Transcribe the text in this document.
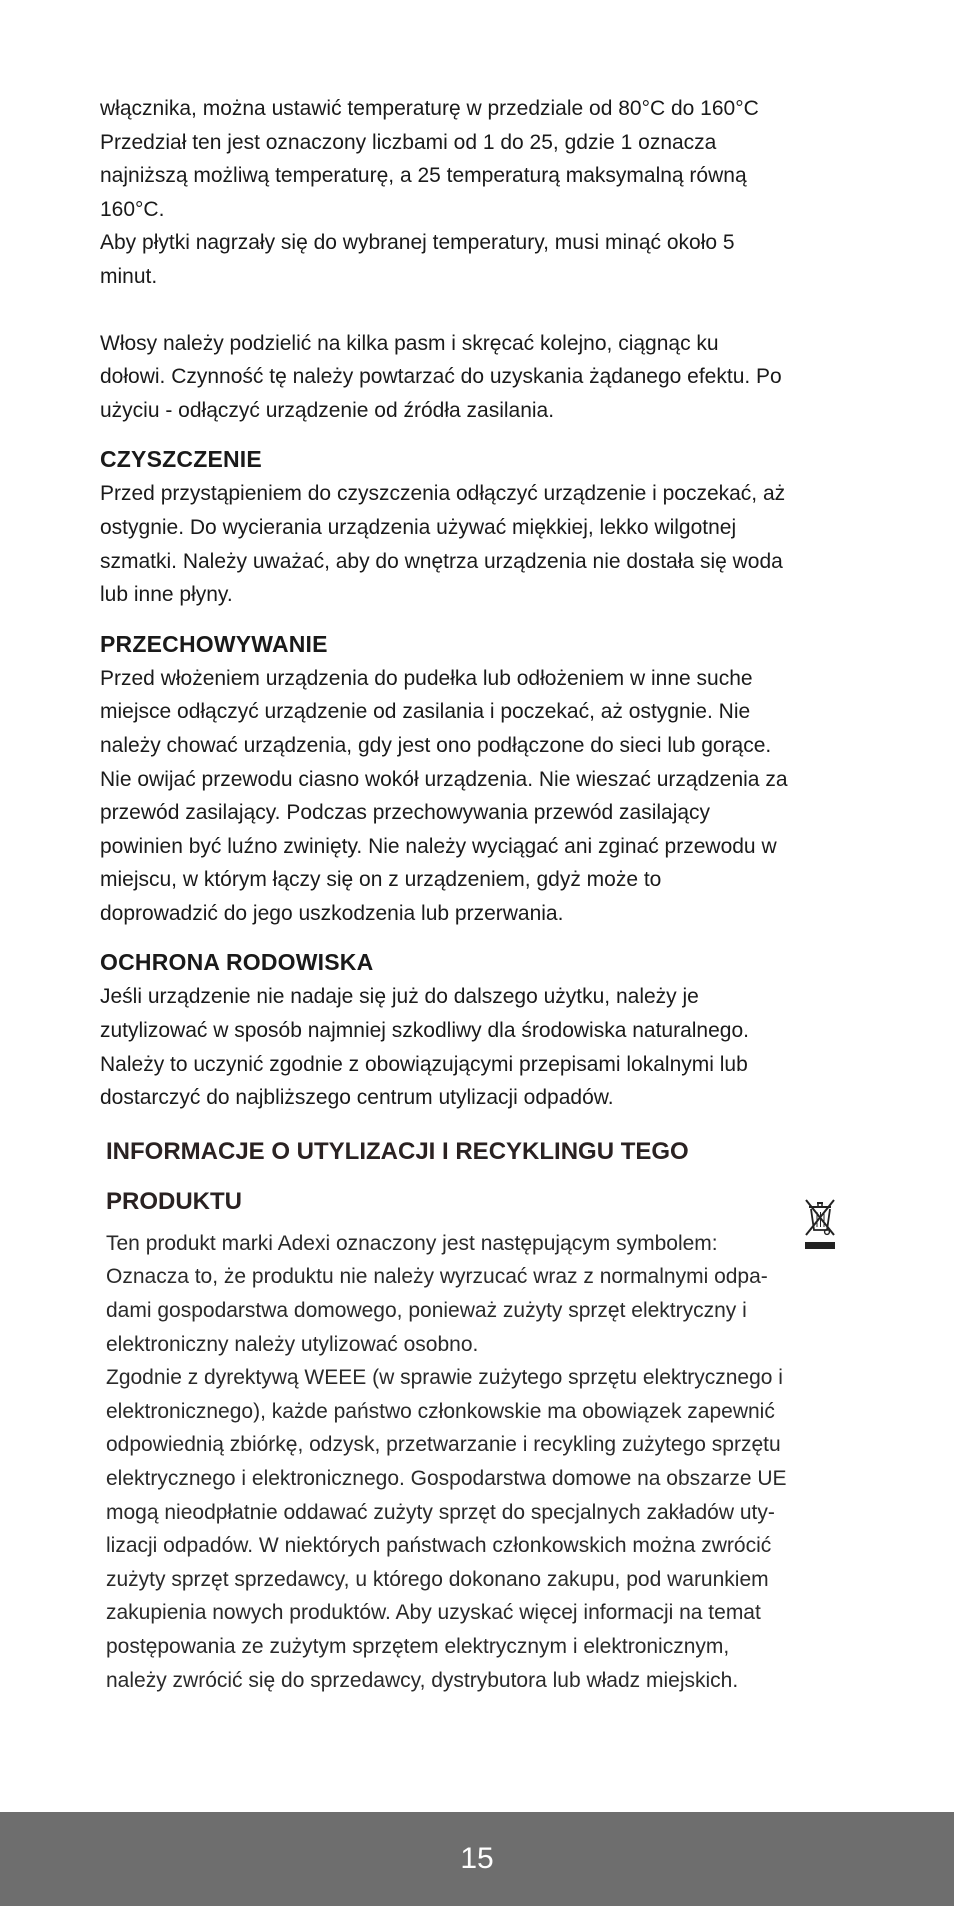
włącznika, można ustawić temperaturę w przedziale od 80°C do 160°C
Przedział ten jest oznaczony liczbami od 1 do 25, gdzie 1 oznacza
najniższą możliwą temperaturę, a 25 temperaturą maksymalną równą
160°C.
Aby płytki nagrzały się do wybranej temperatury, musi minąć około 5
minut.
Włosy należy podzielić na kilka pasm i skręcać kolejno, ciągnąc ku
dołowi. Czynność tę należy powtarzać do uzyskania żądanego efektu. Po
użyciu - odłączyć urządzenie od źródła zasilania.
CZYSZCZENIE
Przed przystąpieniem do czyszczenia odłączyć urządzenie i poczekać, aż
ostygnie. Do wycierania urządzenia używać miękkiej, lekko wilgotnej
szmatki. Należy uważać, aby do wnętrza urządzenia nie dostała się woda
lub inne płyny.
PRZECHOWYWANIE
Przed włożeniem urządzenia do pudełka lub odłożeniem w inne suche
miejsce odłączyć urządzenie od zasilania i poczekać, aż ostygnie. Nie
należy chować urządzenia, gdy jest ono podłączone do sieci lub gorące.
Nie owijać przewodu ciasno wokół urządzenia. Nie wieszać urządzenia za
przewód zasilający. Podczas przechowywania przewód zasilający
powinien być luźno zwinięty. Nie należy wyciągać ani zginać przewodu w
miejscu, w którym łączy się on z urządzeniem, gdyż może to
doprowadzić do jego uszkodzenia lub przerwania.
OCHRONA RODOWISKA
Jeśli urządzenie nie nadaje się już do dalszego użytku, należy je
zutylizować w sposób najmniej szkodliwy dla środowiska naturalnego.
Należy to uczynić zgodnie z obowiązującymi przepisami lokalnymi lub
dostarczyć do najbliższego centrum utylizacji odpadów.
INFORMACJE O UTYLIZACJI I RECYKLINGU TEGO
PRODUKTU
Ten produkt marki Adexi oznaczony jest następującym symbolem:
Oznacza to, że produktu nie należy wyrzucać wraz z normalnymi odpa-
dami gospodarstwa domowego, ponieważ zużyty sprzęt elektryczny i
elektroniczny należy utylizować osobno.
Zgodnie z dyrektywą WEEE (w sprawie zużytego sprzętu elektrycznego i
elektronicznego), każde państwo członkowskie ma obowiązek zapewnić
odpowiednią zbiórkę, odzysk, przetwarzanie i recykling zużytego sprzętu
elektrycznego i elektronicznego. Gospodarstwa domowe na obszarze UE
mogą nieodpłatnie oddawać zużyty sprzęt do specjalnych zakładów uty-
lizacji odpadów. W niektórych państwach członkowskich można zwrócić
zużyty sprzęt sprzedawcy, u którego dokonano zakupu, pod warunkiem
zakupienia nowych produktów. Aby uzyskać więcej informacji na temat
postępowania ze zużytym sprzętem elektrycznym i elektronicznym,
należy zwrócić się do sprzedawcy, dystrybutora lub władz miejskich.
15
